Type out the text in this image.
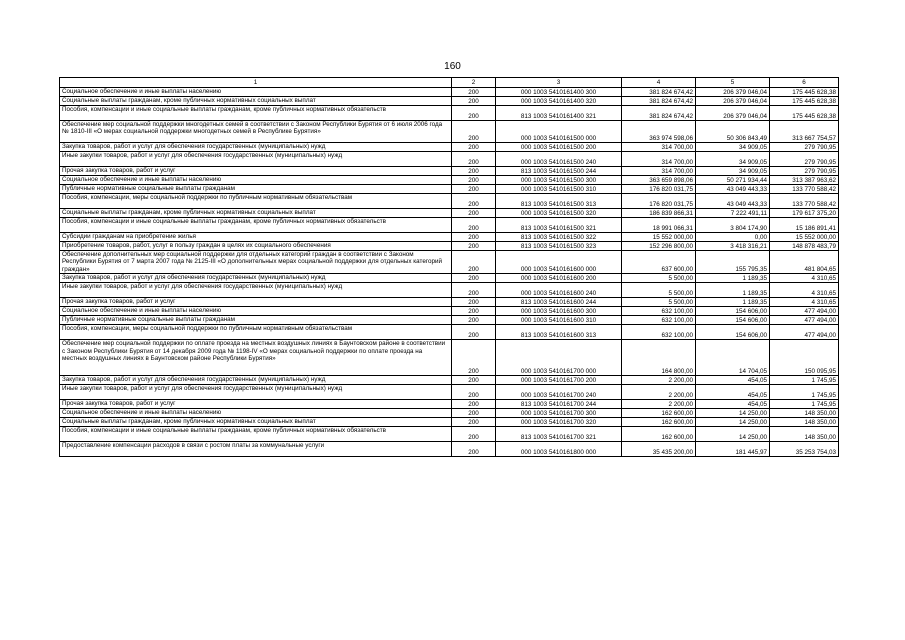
160
1	2	3	4	5	6
Социальное обеспечение и иные выплаты населению	200	000 1003 5410161400 300	381 824 674,42	206 379 046,04	175 445 628,38
Социальные выплаты гражданам, кроме публичных нормативных социальных выплат	200	000 1003 5410161400 320	381 824 674,42	206 379 046,04	175 445 628,38
Пособия, компенсации и иные социальные выплаты гражданам, кроме публичных нормативных обязательств	200	813 1003 5410161400 321	381 824 674,42	206 379 046,04	175 445 628,38
Обеспечение мер социальной поддержки многодетных семей в соответствии с Законом Республики Бурятия от 6 июля 2006 года № 1810-III «О мерах социальной поддержки многодетных семей в Республике Бурятия»	200	000 1003 5410161500 000	363 974 598,06	50 306 843,49	313 667 754,57
Закупка товаров, работ и услуг для обеспечения государственных (муниципальных) нужд	200	000 1003 5410161500 200	314 700,00	34 909,05	279 790,95
Иные закупки товаров, работ и услуг для обеспечения государственных (муниципальных) нужд	200	000 1003 5410161500 240	314 700,00	34 909,05	279 790,95
Прочая закупка товаров, работ и услуг	200	813 1003 5410161500 244	314 700,00	34 909,05	279 790,95
Социальное обеспечение и иные выплаты населению	200	000 1003 5410161500 300	363 659 898,06	50 271 934,44	313 387 963,62
Публичные нормативные социальные выплаты гражданам	200	000 1003 5410161500 310	176 820 031,75	43 049 443,33	133 770 588,42
Пособия, компенсации, меры социальной поддержки по публичным нормативным обязательствам	200	813 1003 5410161500 313	176 820 031,75	43 049 443,33	133 770 588,42
Социальные выплаты гражданам, кроме публичных нормативных социальных выплат	200	000 1003 5410161500 320	186 839 866,31	7 222 491,11	179 617 375,20
Пособия, компенсации и иные социальные выплаты гражданам, кроме публичных нормативных обязательств	200	813 1003 5410161500 321	18 991 066,31	3 804 174,90	15 186 891,41
Субсидии гражданам на приобретение жилья	200	813 1003 5410161500 322	15 552 000,00	0,00	15 552 000,00
Приобретение товаров, работ, услуг в пользу граждан в целях их социального обеспечения	200	813 1003 5410161500 323	152 296 800,00	3 418 316,21	148 878 483,79
Обеспечение дополнительных мер социальной поддержки для отдельных категорий граждан в соответствии с Законом Республики Бурятия от 7 марта 2007 года № 2125-III «О дополнительных мерах социальной поддержки для отдельных категорий граждан»	200	000 1003 5410161600 000	637 600,00	155 795,35	481 804,65
Закупка товаров, работ и услуг для обеспечения государственных (муниципальных) нужд	200	000 1003 5410161600 200	5 500,00	1 189,35	4 310,65
Иные закупки товаров, работ и услуг для обеспечения государственных (муниципальных) нужд	200	000 1003 5410161600 240	5 500,00	1 189,35	4 310,65
Прочая закупка товаров, работ и услуг	200	813 1003 5410161600 244	5 500,00	1 189,35	4 310,65
Социальное обеспечение и иные выплаты населению	200	000 1003 5410161600 300	632 100,00	154 606,00	477 494,00
Публичные нормативные социальные выплаты гражданам	200	000 1003 5410161600 310	632 100,00	154 606,00	477 494,00
Пособия, компенсации, меры социальной поддержки по публичным нормативным обязательствам	200	813 1003 5410161600 313	632 100,00	154 606,00	477 494,00
Обеспечение мер социальной поддержки по оплате проезда на местных воздушных линиях в Баунтовском районе в соответствии с Законом Республики Бурятия от 14 декабря 2009 года № 1198-IV «О мерах социальной поддержки по оплате проезда на местных воздушных линиях в Баунтовском районе Республики Бурятия»	200	000 1003 5410161700 000	164 800,00	14 704,05	150 095,95
Закупка товаров, работ и услуг для обеспечения государственных (муниципальных) нужд	200	000 1003 5410161700 200	2 200,00	454,05	1 745,95
Иные закупки товаров, работ и услуг для обеспечения государственных (муниципальных) нужд	200	000 1003 5410161700 240	2 200,00	454,05	1 745,95
Прочая закупка товаров, работ и услуг	200	813 1003 5410161700 244	2 200,00	454,05	1 745,95
Социальное обеспечение и иные выплаты населению	200	000 1003 5410161700 300	162 600,00	14 250,00	148 350,00
Социальные выплаты гражданам, кроме публичных нормативных социальных выплат	200	000 1003 5410161700 320	162 600,00	14 250,00	148 350,00
Пособия, компенсации и иные социальные выплаты гражданам, кроме публичных нормативных обязательств	200	813 1003 5410161700 321	162 600,00	14 250,00	148 350,00
Предоставление компенсации расходов в связи с ростом платы за коммунальные услуги	200	000 1003 5410161800 000	35 435 200,00	181 445,97	35 253 754,03
